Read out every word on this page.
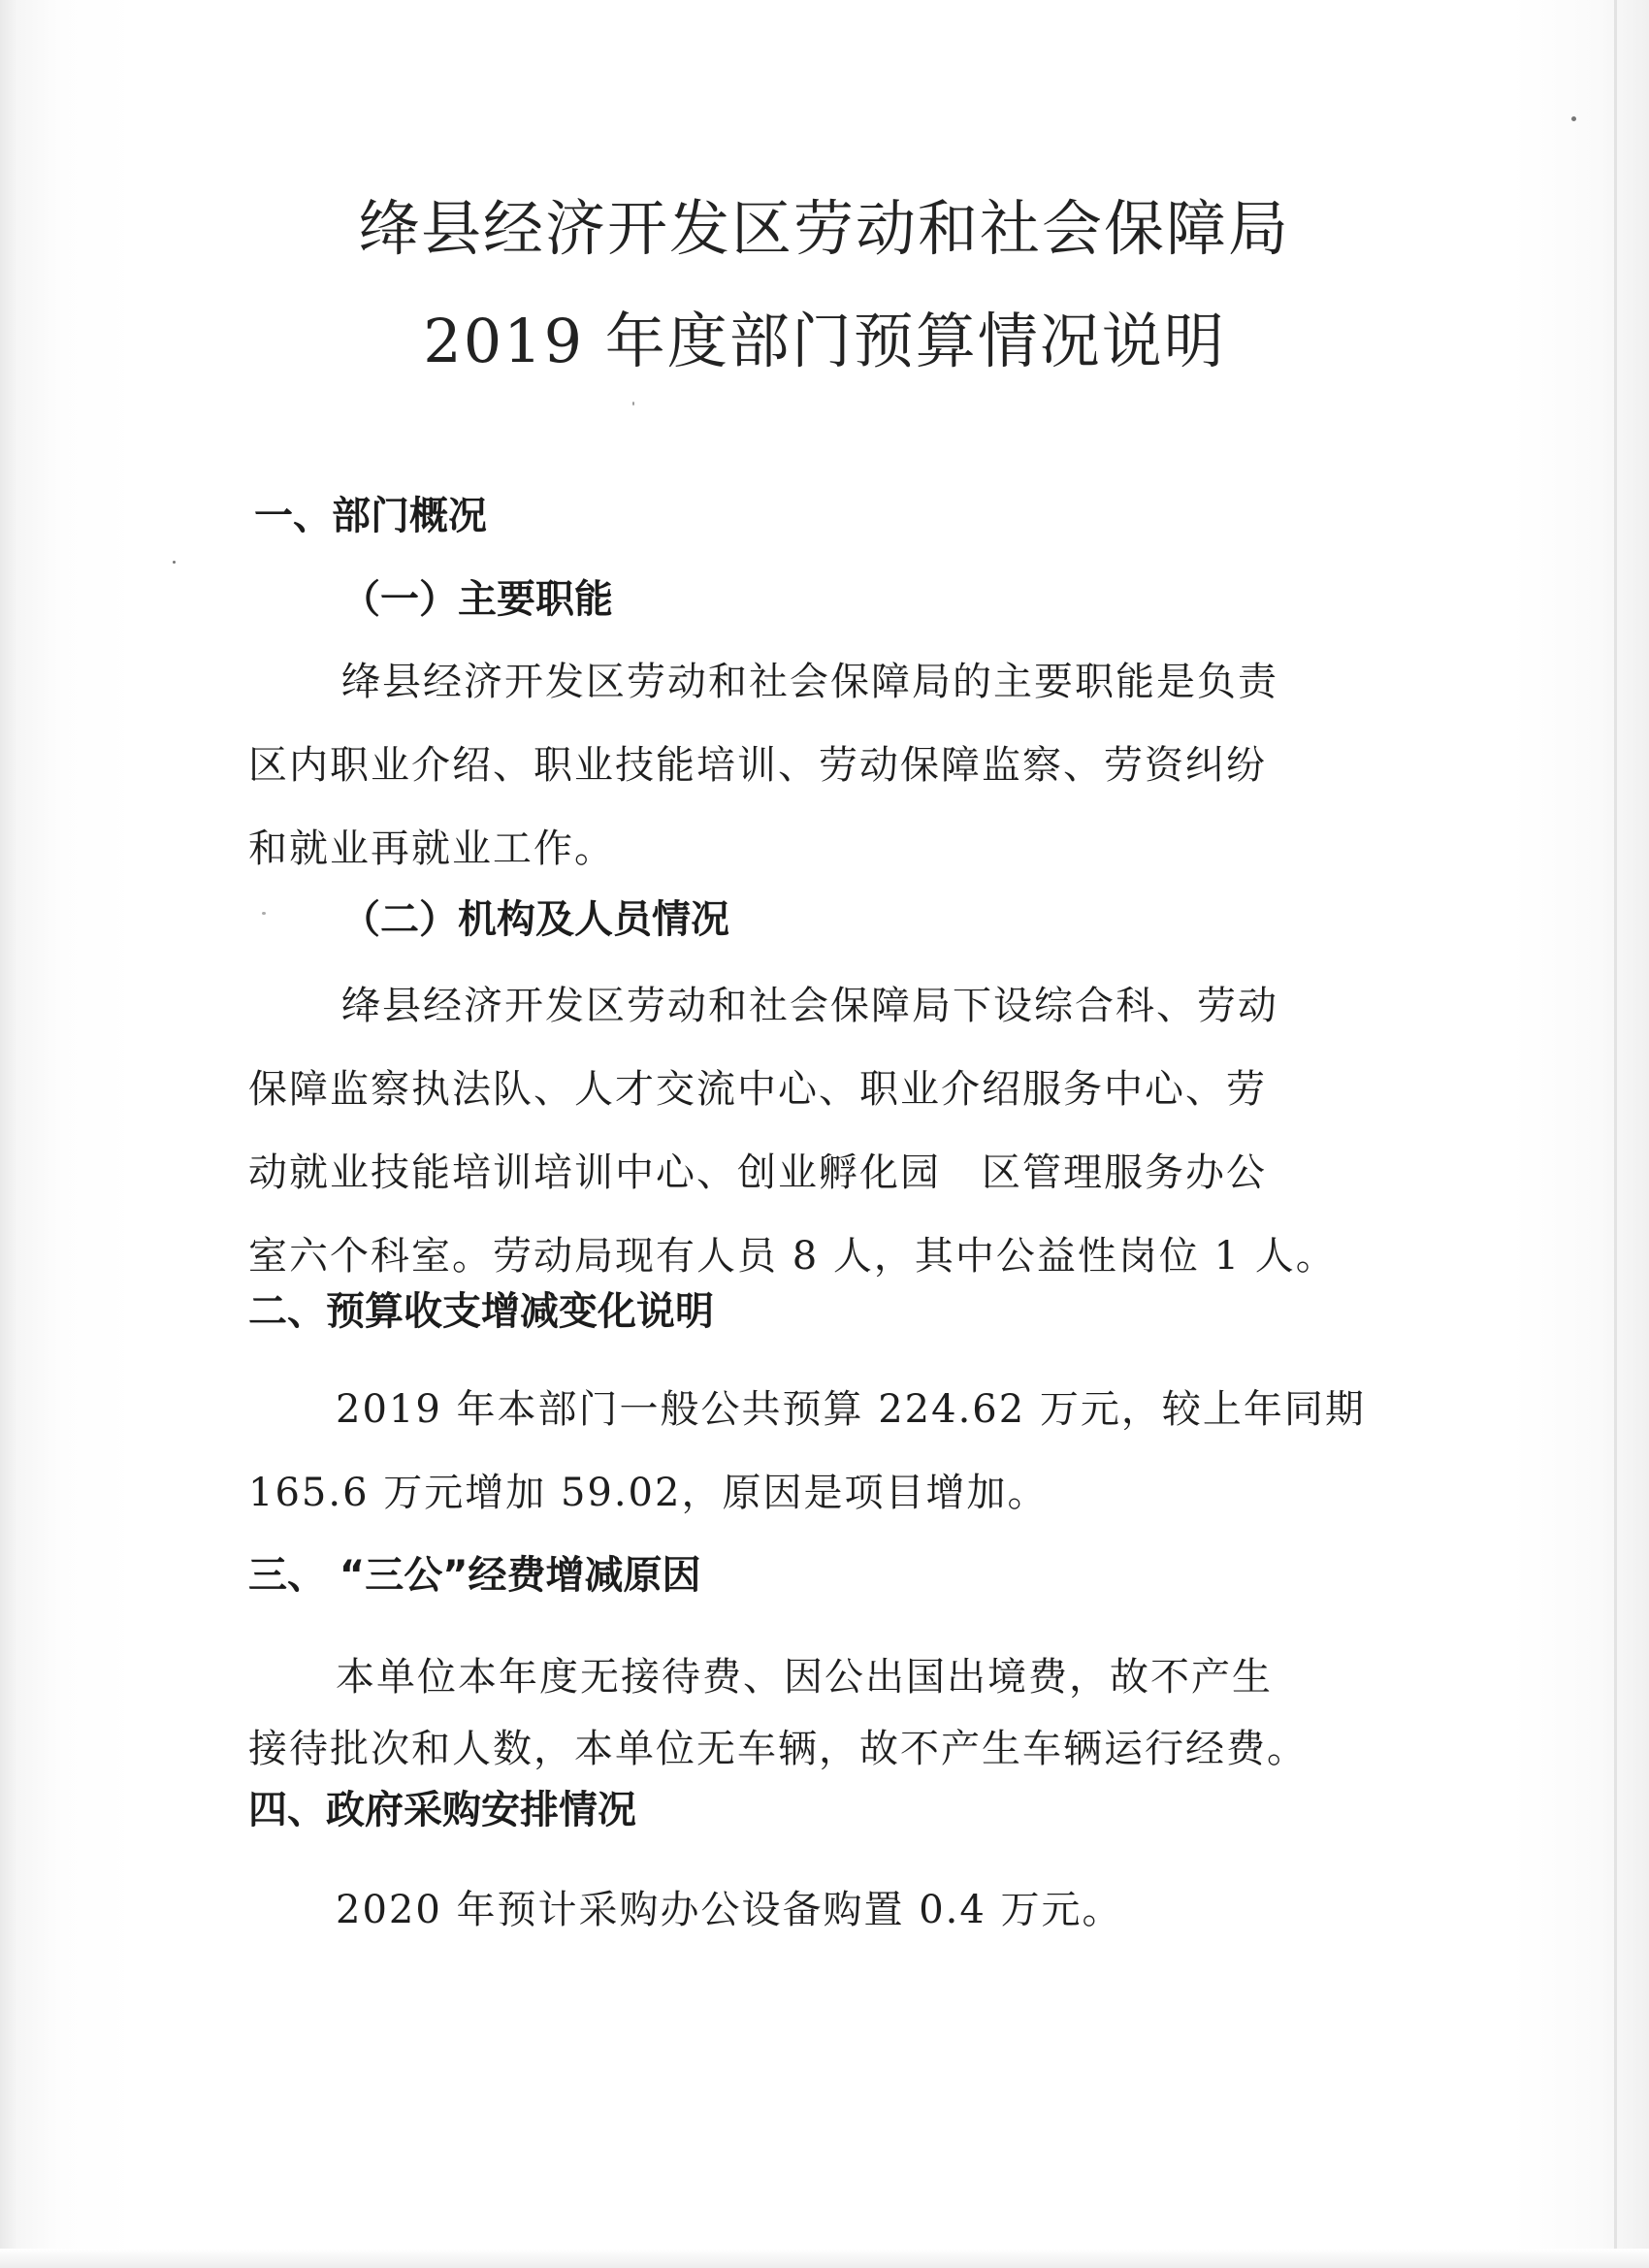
绛县经济开发区劳动和社会保障局
2019 年度部门预算情况说明
一、部门概况
（一）主要职能
绛县经济开发区劳动和社会保障局的主要职能是负责
区内职业介绍、职业技能培训、劳动保障监察、劳资纠纷
和就业再就业工作。
（二）机构及人员情况
绛县经济开发区劳动和社会保障局下设综合科、劳动
保障监察执法队、人才交流中心、职业介绍服务中心、劳
动就业技能培训培训中心、创业孵化园　区管理服务办公
室六个科室。劳动局现有人员 8 人，其中公益性岗位 1 人。
二、预算收支增减变化说明
2019 年本部门一般公共预算 224.62 万元，较上年同期
165.6 万元增加 59.02，原因是项目增加。
三、 “三公”经费增减原因
本单位本年度无接待费、因公出国出境费，故不产生
接待批次和人数，本单位无车辆，故不产生车辆运行经费。
四、政府采购安排情况
2020 年预计采购办公设备购置 0.4 万元。
